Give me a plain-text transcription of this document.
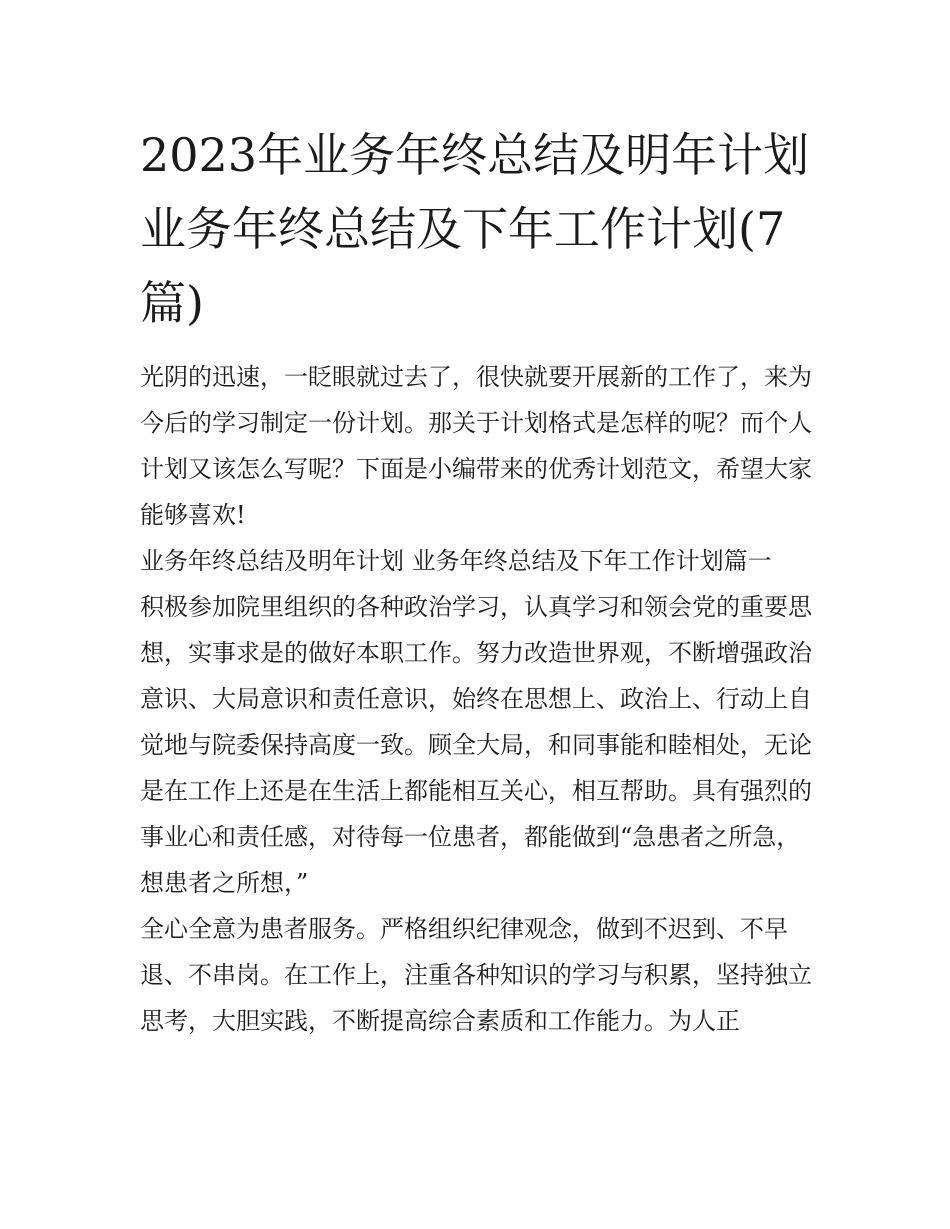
2023年业务年终总结及明年计划 业务年终总结及下年工作计划(7篇)

光阴的迅速，一眨眼就过去了，很快就要开展新的工作了，来为今后的学习制定一份计划。那关于计划格式是怎样的呢？而个人计划又该怎么写呢？下面是小编带来的优秀计划范文，希望大家能够喜欢!

业务年终总结及明年计划 业务年终总结及下年工作计划篇一

积极参加院里组织的各种政治学习，认真学习和领会党的重要思想，实事求是的做好本职工作。努力改造世界观，不断增强政治意识、大局意识和责任意识，始终在思想上、政治上、行动上自觉地与院委保持高度一致。顾全大局，和同事能和睦相处，无论是在工作上还是在生活上都能相互关心，相互帮助。具有强烈的事业心和责任感，对待每一位患者，都能做到“急患者之所急，想患者之所想，”

全心全意为患者服务。严格组织纪律观念，做到不迟到、不早退、不串岗。在工作上，注重各种知识的学习与积累，坚持独立思考，大胆实践，不断提高综合素质和工作能力。为人正
